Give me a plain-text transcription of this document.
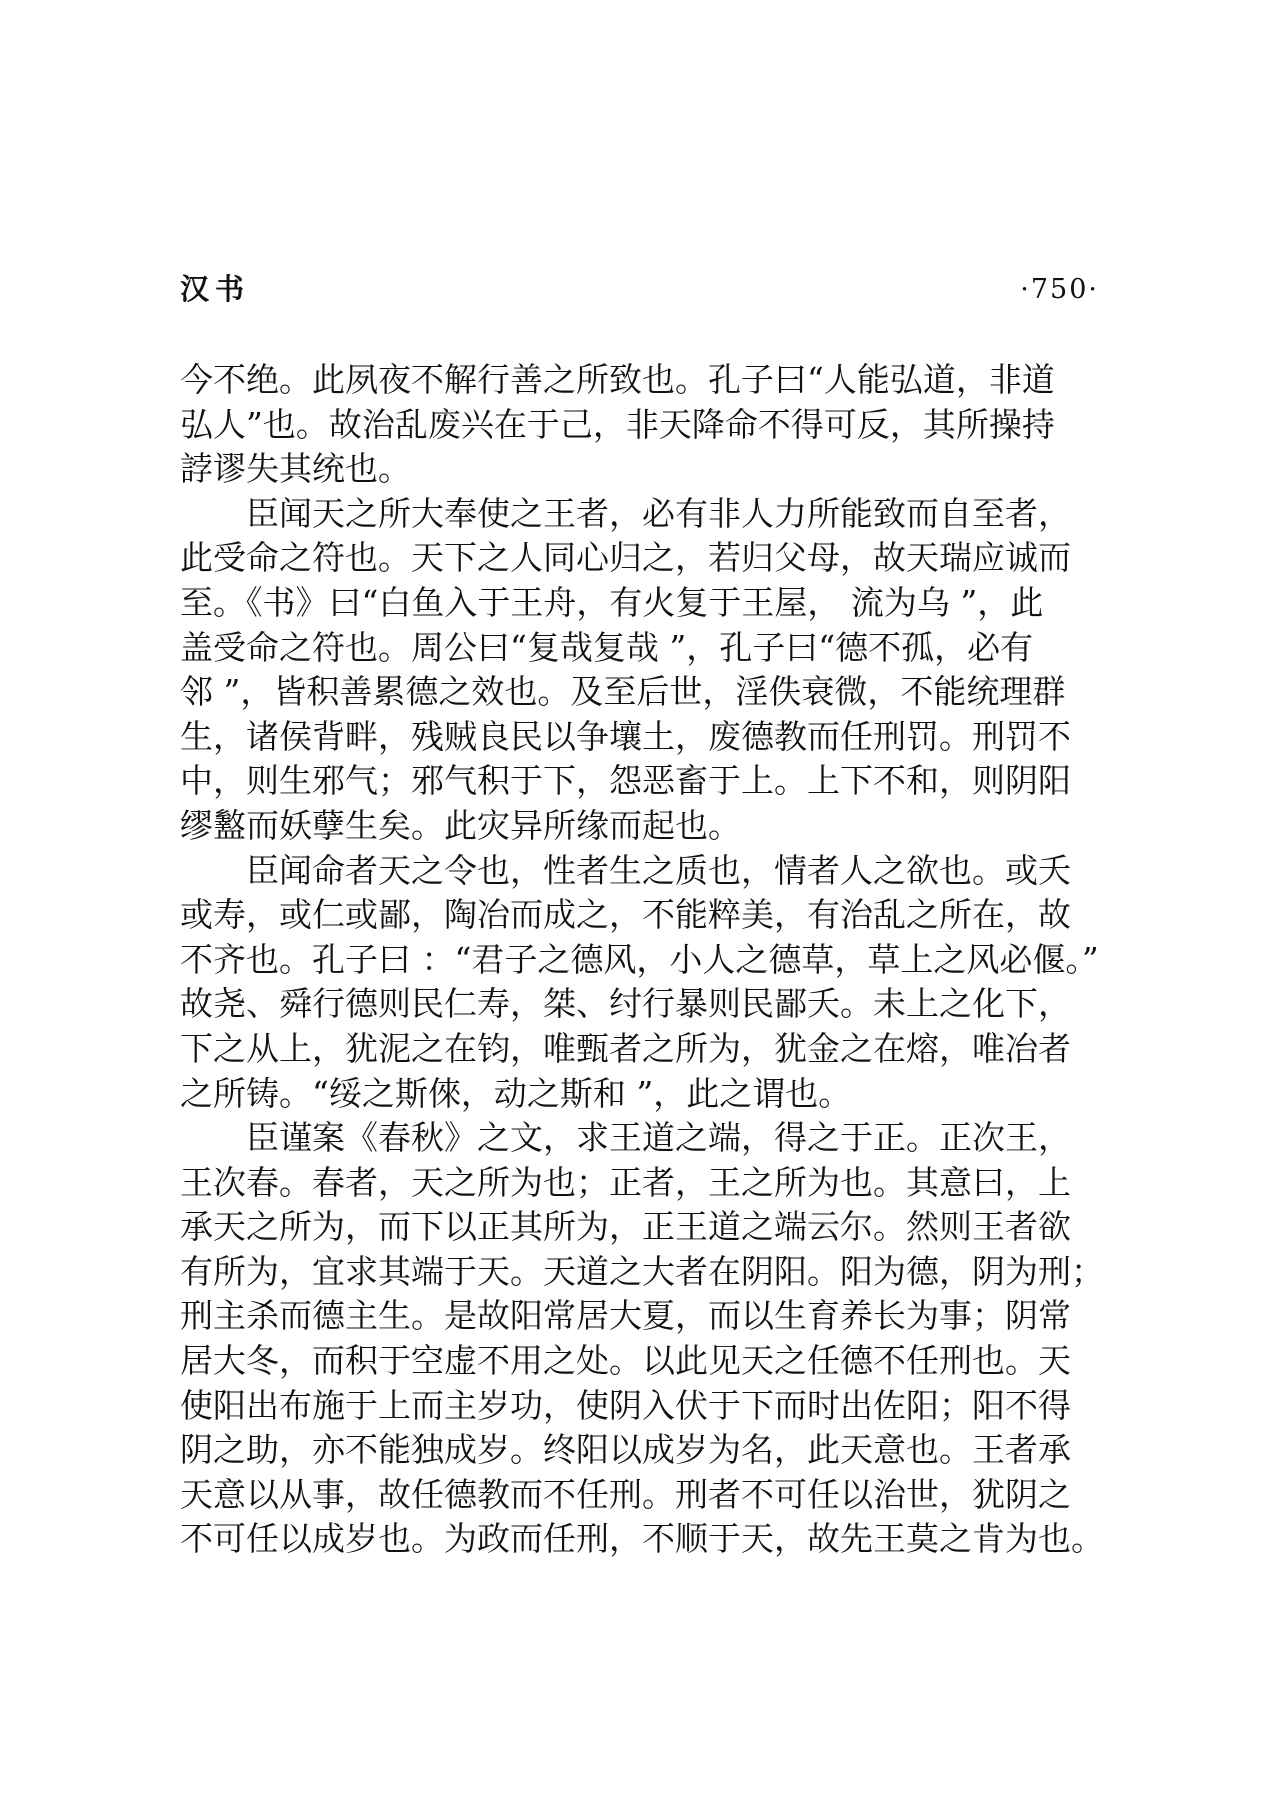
汉书	·750·
今不绝。此夙夜不解行善之所致也。孔子曰“人能弘道，非道
弘人”也。故治乱废兴在于己，非天降命不得可反，其所操持
誖谬失其统也。
臣闻天之所大奉使之王者，必有非人力所能致而自至者，
此受命之符也。天下之人同心归之，若归父母，故天瑞应诚而
至。《书》曰“白鱼入于王舟，有火复于王屋， 流为乌 ”，此
盖受命之符也。周公曰“复哉复哉 ”，孔子曰“德不孤，必有
邻 ”，皆积善累德之效也。及至后世，淫佚衰微，不能统理群
生，诸侯背畔，残贼良民以争壤土，废德教而任刑罚。刑罚不
中，则生邪气；邪气积于下，怨恶畜于上。上下不和，则阴阳
缪盭而妖孽生矣。此灾异所缘而起也。
臣闻命者天之令也，性者生之质也，情者人之欲也。或夭
或寿，或仁或鄙，陶冶而成之，不能粹美，有治乱之所在，故
不齐也。孔子曰 ：“君子之德风，小人之德草，草上之风必偃。”
故尧、舜行德则民仁寿，桀、纣行暴则民鄙夭。未上之化下，
下之从上，犹泥之在钧，唯甄者之所为，犹金之在熔，唯冶者
之所铸。“绥之斯倈，动之斯和 ”，此之谓也。
臣谨案《春秋》之文，求王道之端，得之于正。正次王，
王次春。春者，天之所为也；正者，王之所为也。其意曰，上
承天之所为，而下以正其所为，正王道之端云尔。然则王者欲
有所为，宜求其端于天。天道之大者在阴阳。阳为德，阴为刑；
刑主杀而德主生。是故阳常居大夏，而以生育养长为事；阴常
居大冬，而积于空虚不用之处。以此见天之任德不任刑也。天
使阳出布施于上而主岁功，使阴入伏于下而时出佐阳；阳不得
阴之助，亦不能独成岁。终阳以成岁为名，此天意也。王者承
天意以从事，故任德教而不任刑。刑者不可任以治世，犹阴之
不可任以成岁也。为政而任刑，不顺于天，故先王莫之肯为也。
